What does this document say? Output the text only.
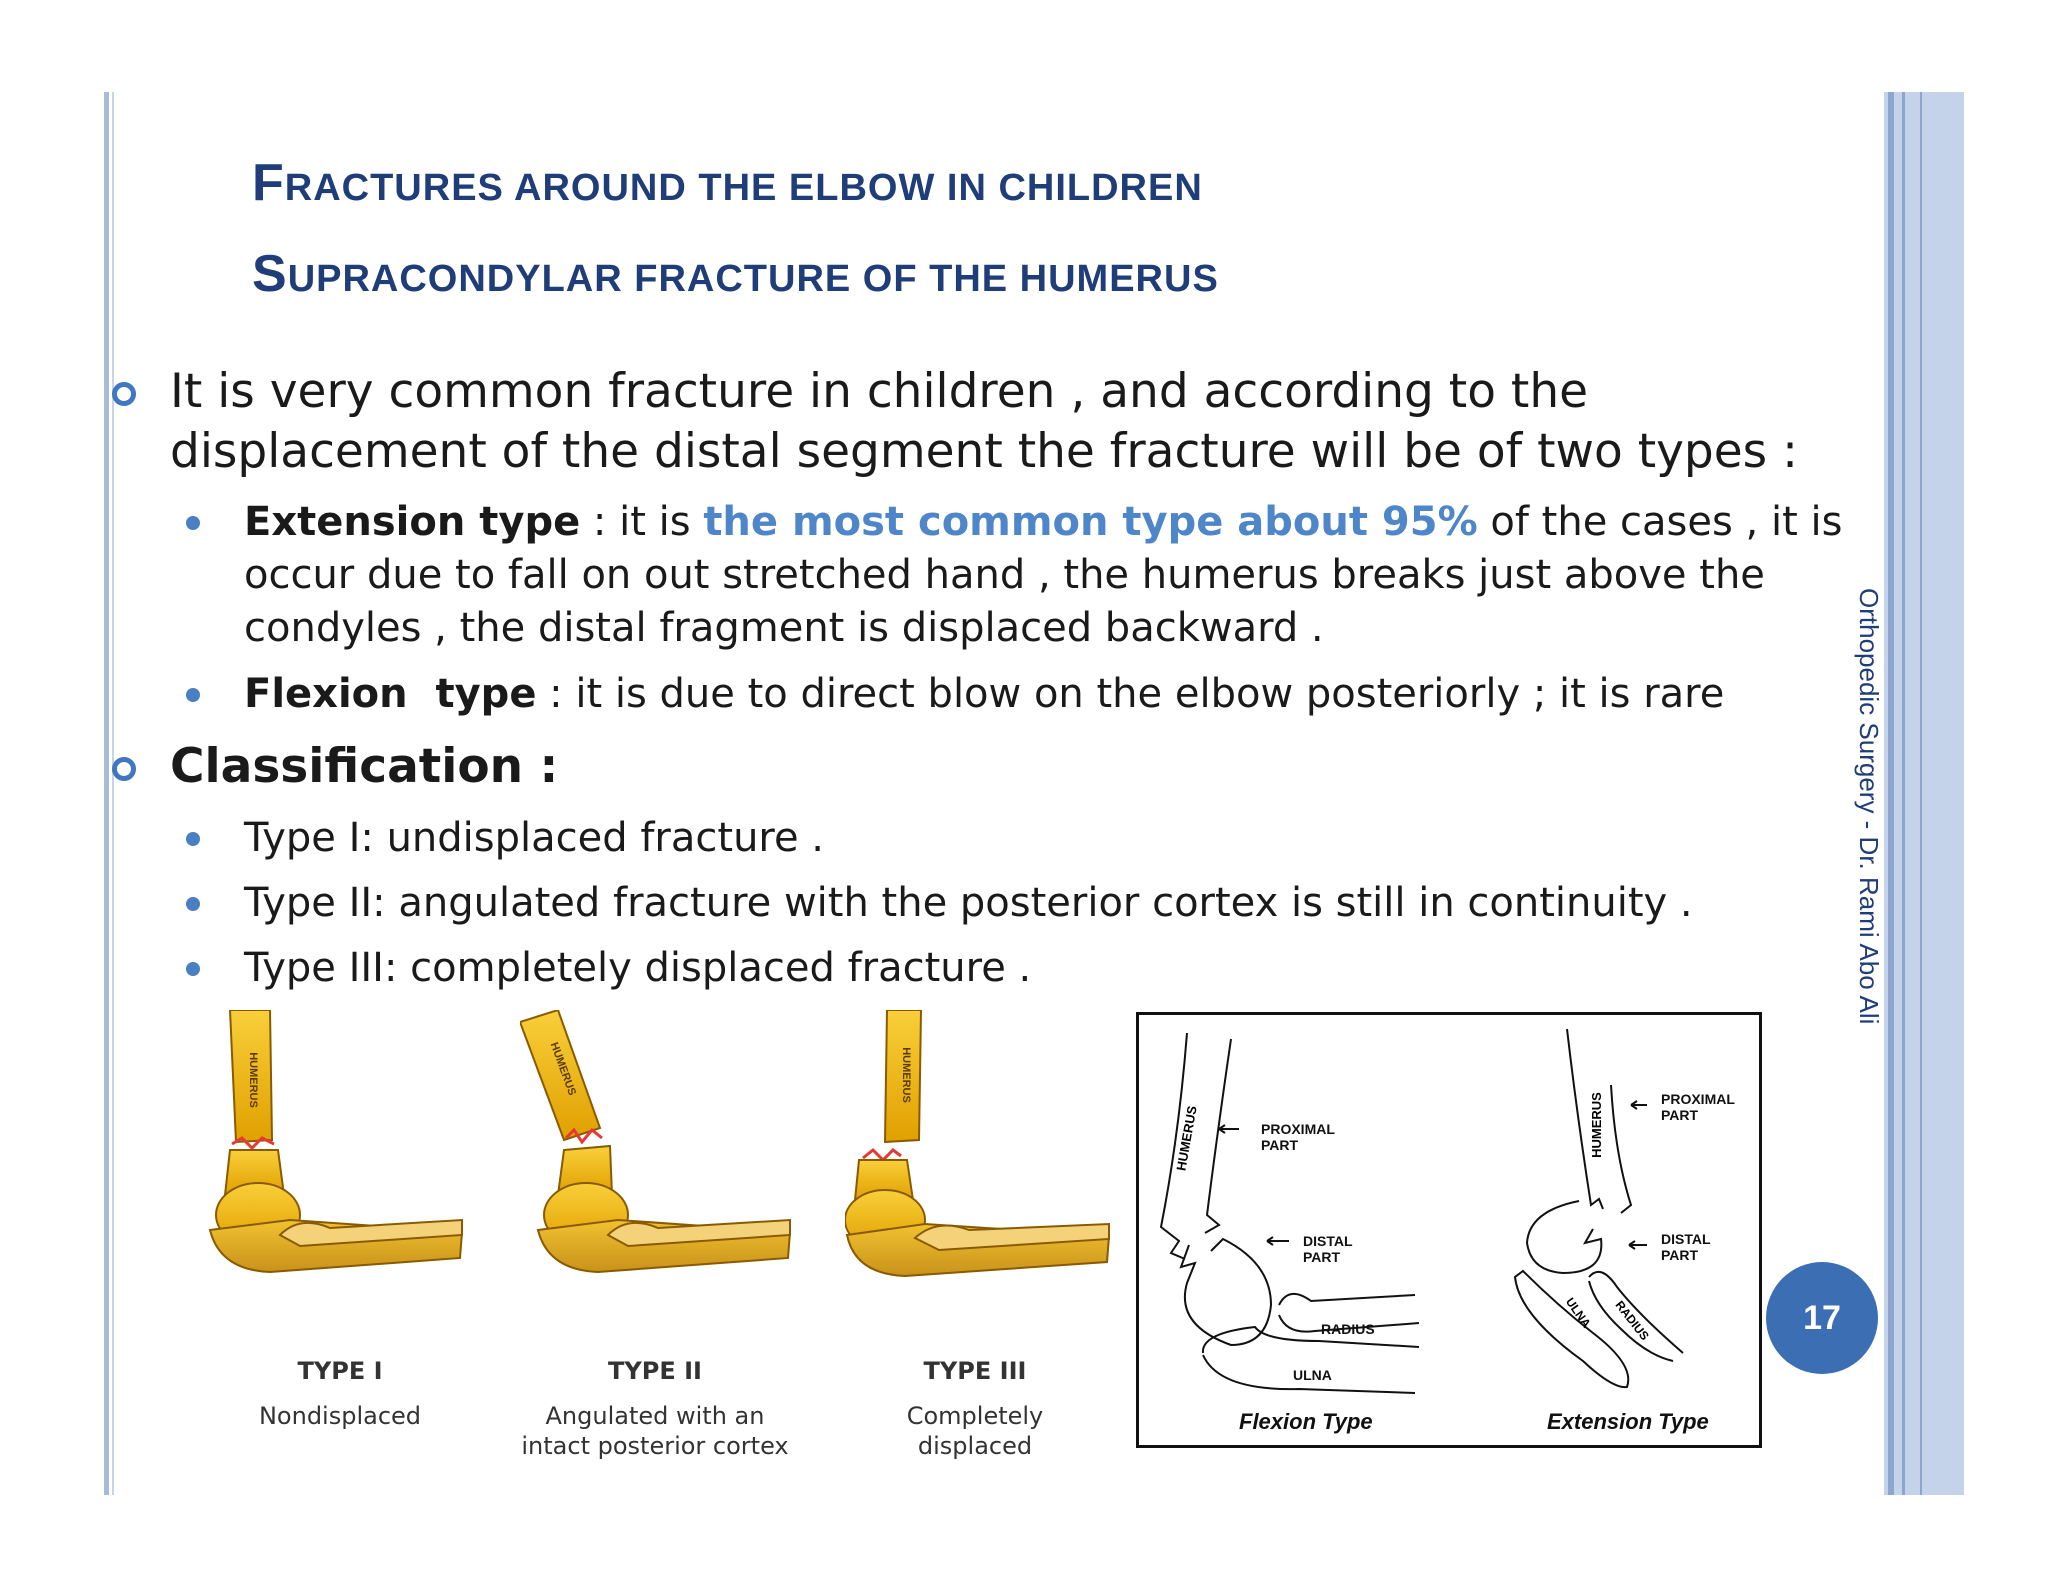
FRACTURES AROUND THE ELBOW IN CHILDREN
SUPRACONDYLAR FRACTURE OF THE HUMERUS
It is very common fracture in children , and according to the
displacement of the distal segment the fracture will be of two types :
Extension type : it is the most common type about 95% of the cases , it is
occur due to fall on out stretched hand , the humerus breaks just above the
condyles , the distal fragment is displaced backward .
Flexion  type : it is due to direct blow on the elbow posteriorly ; it is rare
Classification :
Type I: undisplaced fracture .
Type II: angulated fracture with the posterior cortex is still in continuity .
Type III: completely displaced fracture .
HUMERUS	HUMERUS	HUMERUS
TYPE I
Nondisplaced
TYPE II
Angulated with an
intact posterior cortex
TYPE III
Completely
displaced
HUMERUS	HUMERUS
ULNA RADIUS
PROXIMAL
PART
DISTAL
PART
RADIUS
ULNA
PROXIMAL
PART
DISTAL
PART
Flexion Type	Extension Type
Orthopedic Surgery - Dr. Rami Abo Ali
17
